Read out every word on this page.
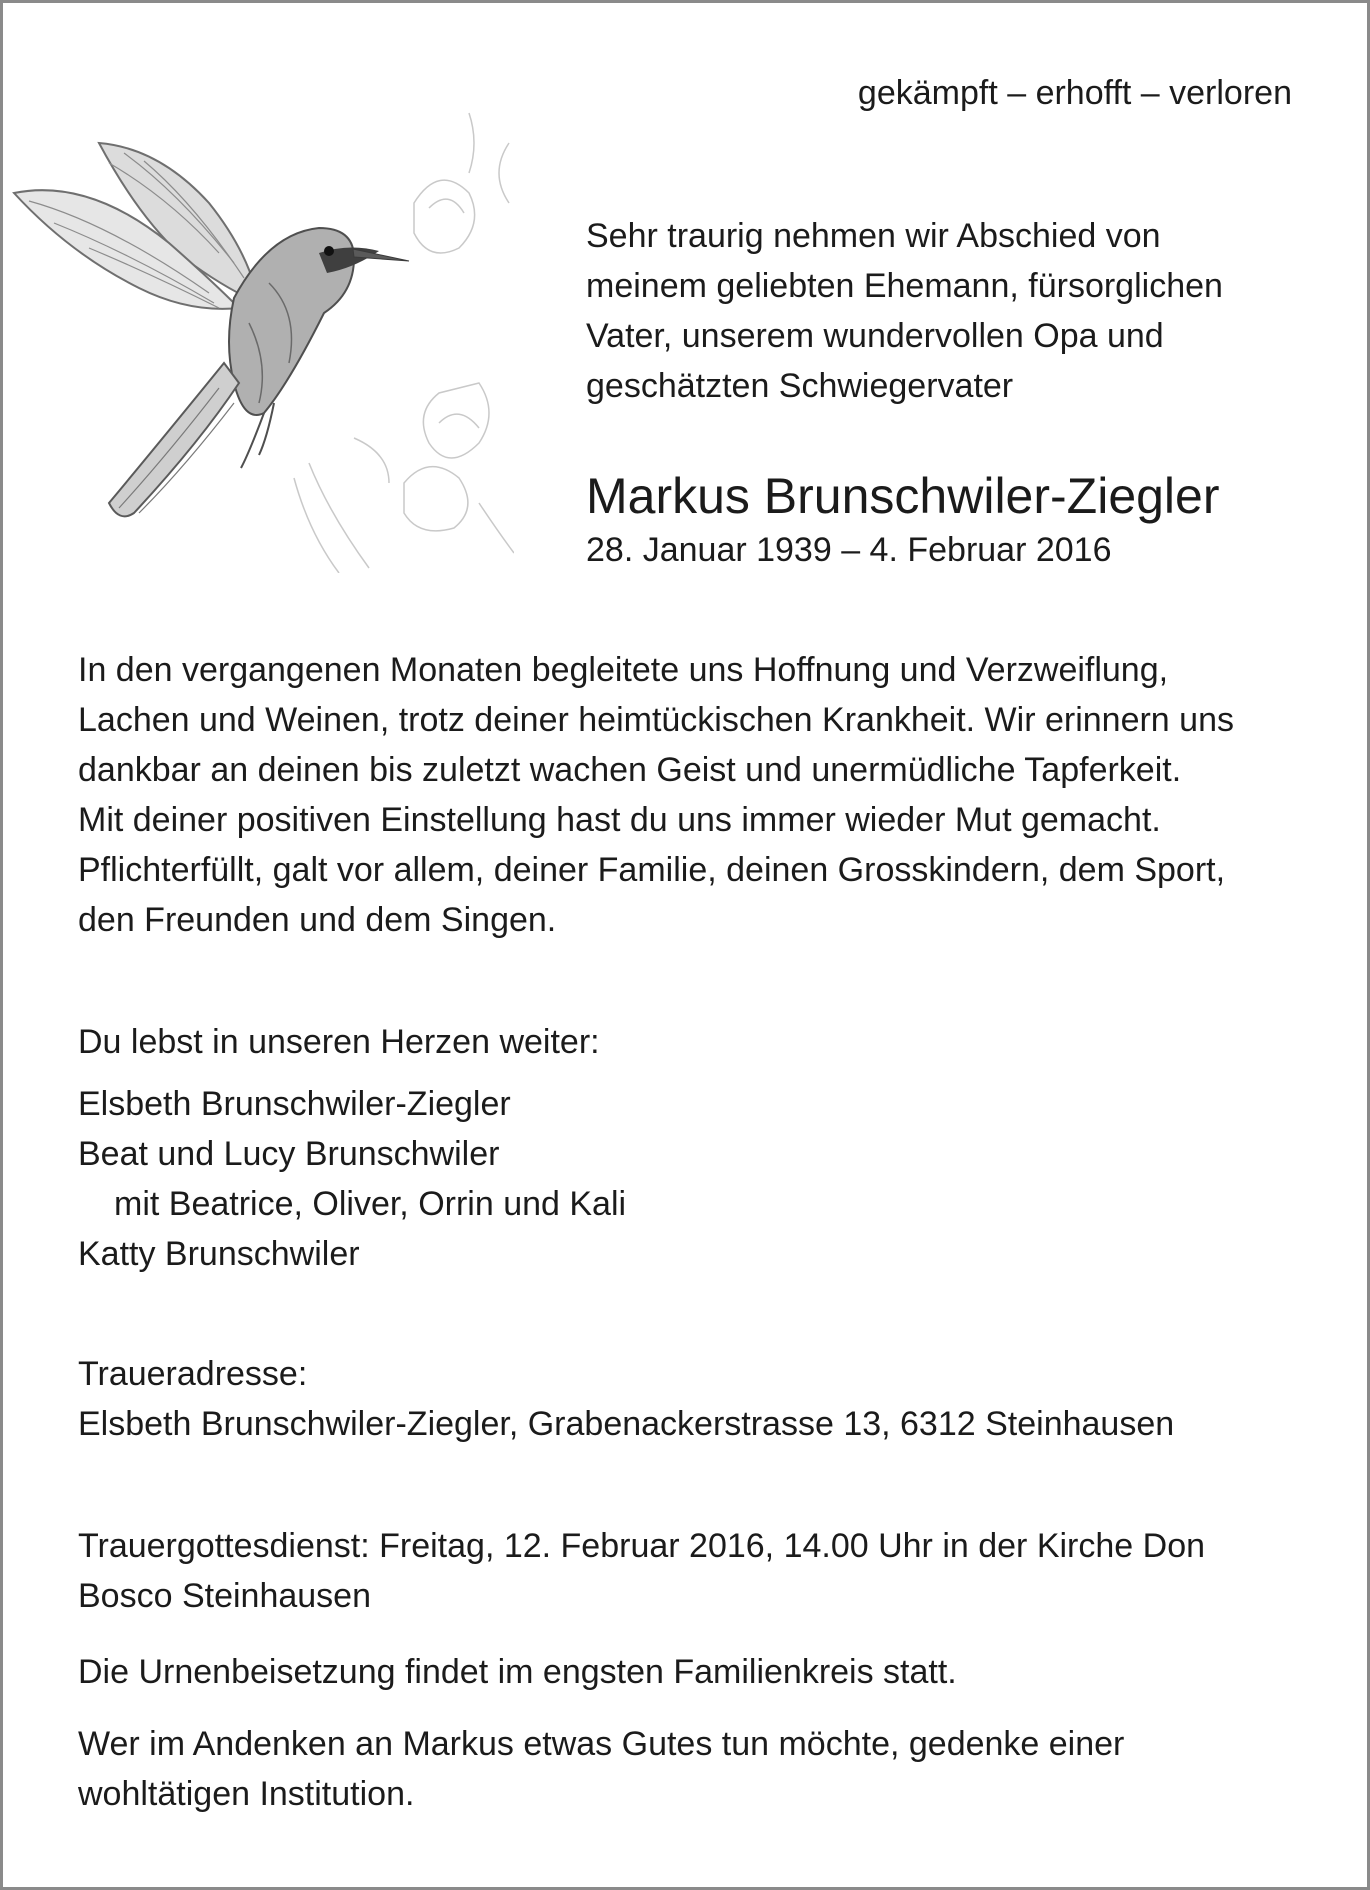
gekämpft – erhofft – verloren
Sehr traurig nehmen wir Abschied von
meinem geliebten Ehemann, fürsorglichen
Vater, unserem wundervollen Opa und
geschätzten Schwiegervater
Markus Brunschwiler-Ziegler
28. Januar 1939 – 4. Februar 2016
In den vergangenen Monaten begleitete uns Hoffnung und Verzweiflung,
Lachen und Weinen, trotz deiner heimtückischen Krankheit. Wir erinnern uns
dankbar an deinen bis zuletzt wachen Geist und unermüdliche Tapferkeit.
Mit deiner positiven Einstellung hast du uns immer wieder Mut gemacht.
Pflichterfüllt, galt vor allem, deiner Familie, deinen Grosskindern, dem Sport,
den Freunden und dem Singen.
Du lebst in unseren Herzen weiter:
Elsbeth Brunschwiler-Ziegler
Beat und Lucy Brunschwiler
mit Beatrice, Oliver, Orrin und Kali
Katty Brunschwiler
Traueradresse:
Elsbeth Brunschwiler-Ziegler, Grabenackerstrasse 13, 6312 Steinhausen
Trauergottesdienst: Freitag, 12. Februar 2016, 14.00 Uhr in der Kirche Don
Bosco Steinhausen
Die Urnenbeisetzung findet im engsten Familienkreis statt.
Wer im Andenken an Markus etwas Gutes tun möchte, gedenke einer
wohltätigen Institution.
